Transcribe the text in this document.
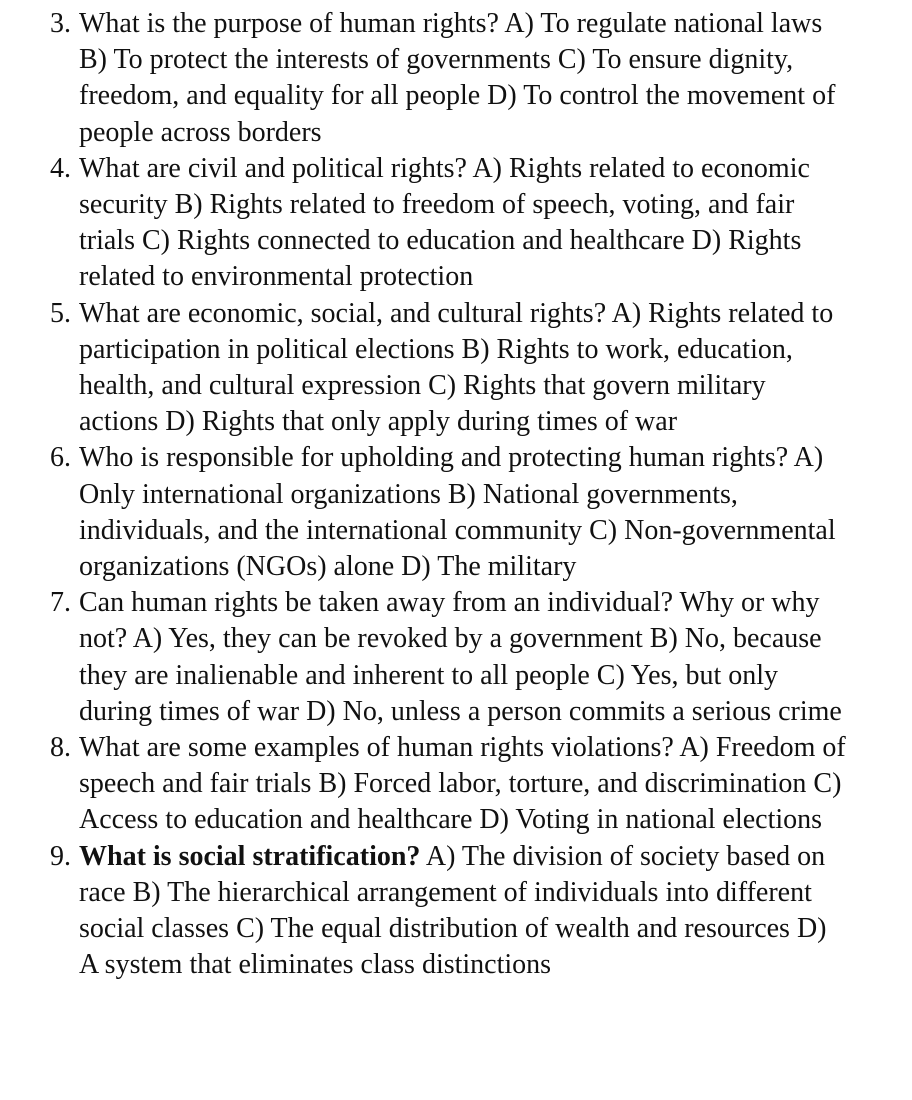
3. What is the purpose of human rights? A) To regulate national laws B) To protect the interests of governments C) To ensure dignity, freedom, and equality for all people D) To control the movement of people across borders
4. What are civil and political rights? A) Rights related to economic security B) Rights related to freedom of speech, voting, and fair trials C) Rights connected to education and healthcare D) Rights related to environmental protection
5. What are economic, social, and cultural rights? A) Rights related to participation in political elections B) Rights to work, education, health, and cultural expression C) Rights that govern military actions D) Rights that only apply during times of war
6. Who is responsible for upholding and protecting human rights? A) Only international organizations B) National governments, individuals, and the international community C) Non-governmental organizations (NGOs) alone D) The military
7. Can human rights be taken away from an individual? Why or why not? A) Yes, they can be revoked by a government B) No, because they are inalienable and inherent to all people C) Yes, but only during times of war D) No, unless a person commits a serious crime
8. What are some examples of human rights violations? A) Freedom of speech and fair trials B) Forced labor, torture, and discrimination C) Access to education and healthcare D) Voting in national elections
9. What is social stratification? A) The division of society based on race B) The hierarchical arrangement of individuals into different social classes C) The equal distribution of wealth and resources D) A system that eliminates class distinctions
